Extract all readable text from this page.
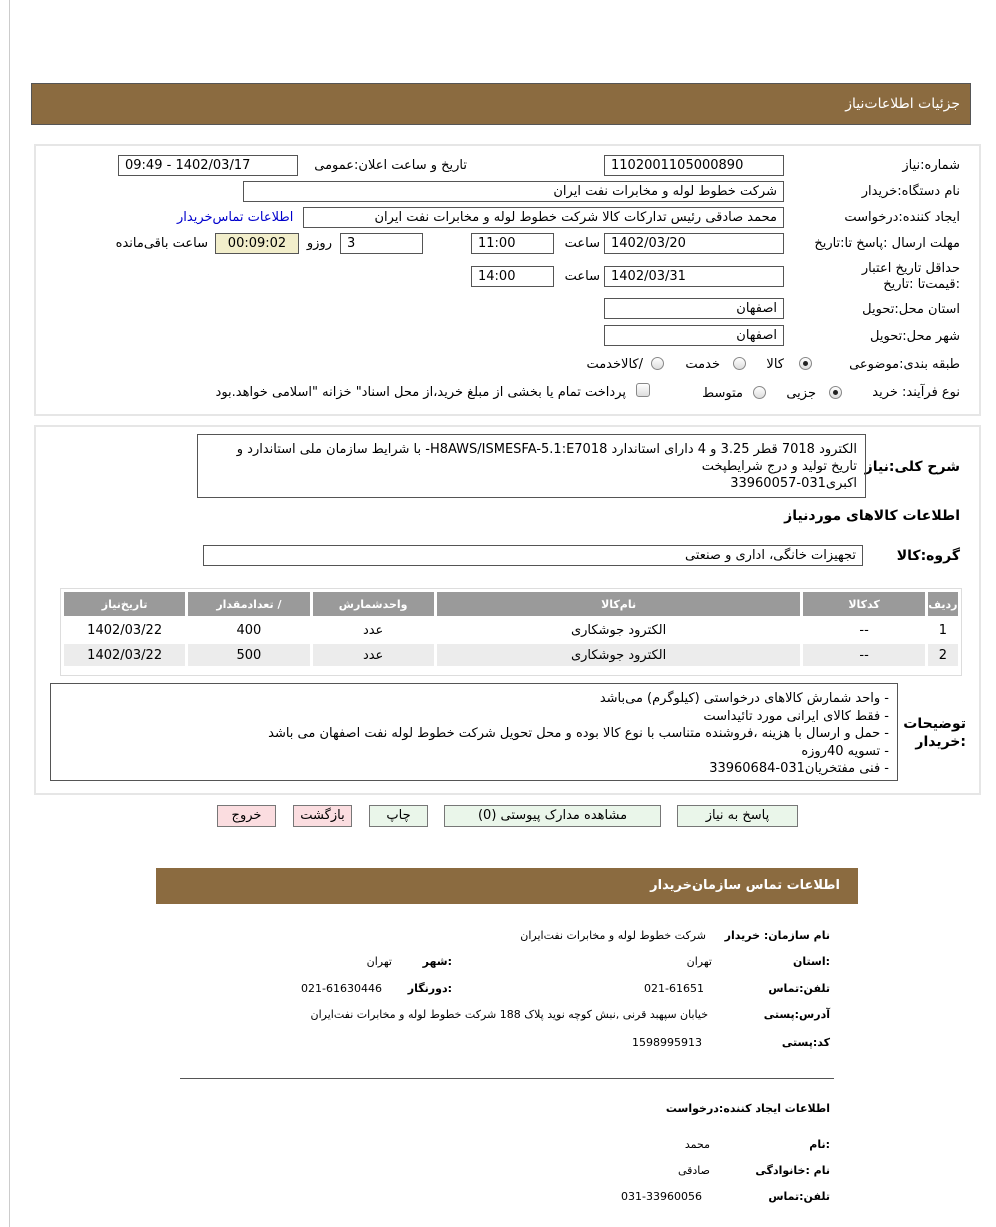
جزئیات اطلاعات‌نیاز
شماره:نیاز
1102001105000890
تاریخ و ساعت اعلان:عمومی
1402/03/17 - 09:49
نام دستگاه:خریدار
شرکت خطوط لوله و مخابرات نفت ایران
ایجاد کننده:درخواست
محمد صادقی رئیس تدارکات کالا شرکت خطوط لوله و مخابرات نفت ایران
اطلاعات تماس‌خریدار
مهلت ارسال :پاسخ تا:تاریخ
1402/03/20
ساعت
11:00
3
روزو
00:09:02
ساعت باقی‌مانده
حداقل تاریخ اعتبار :قیمت‌تا :تاریخ
1402/03/31
ساعت
14:00
استان محل:تحویل
اصفهان
شهر محل:تحویل
اصفهان
طبقه بندی:موضوعی
کالا
خدمت
/کالاخدمت
نوع فرآیند: خرید
جزیی
متوسط
پرداخت تمام یا بخشی از مبلغ خرید،از محل اسناد" خزانه "اسلامی خواهد.بود
شرح کلی:نیاز
الکترود 7018 قطر 3.25 و 4 دارای استاندارد H8AWS/ISMESFA-5.1:E7018- با شرایط سازمان ملی استاندارد و
تاریخ تولید و درج شرایطپخت
اکبری031-33960057
اطلاعات کالاهای موردنیاز
گروه:کالا
تجهیزات خانگی، اداری و صنعتی
ردیف	کدکالا	نام‌کالا	واحدشمارش	/ تعدادمقدار	تاریخ‌نیاز
1	--	الکترود جوشکاری	عدد	400	1402/03/22
2	--	الکترود جوشکاری	عدد	500	1402/03/22
توضیحات :خریدار
- واحد شمارش کالاهای درخواستی (کیلوگرم) می‌باشد
- فقط کالای ایرانی مورد تائیداست
- حمل و ارسال با هزینه ،فروشنده متناسب با نوع کالا بوده و محل تحویل شرکت خطوط لوله نفت اصفهان می باشد
- تسویه 40روزه
- فنی مفتخریان031-33960684
پاسخ به نیاز
مشاهده مدارک پیوستی (0)
چاپ
بازگشت
خروج
اطلاعات تماس سازمان‌خریدار
نام سازمان: خریدار
شرکت خطوط لوله و مخابرات نفت‌ایران
:استان
تهران
:شهر
تهران
تلفن:تماس
021-61651
:دورنگار
021-61630446
آدرس:پستی
خیابان سپهبد قرنی ,نبش کوچه نوید پلاک 188 شرکت خطوط لوله و مخابرات نفت‌ایران
کد:پستی
1598995913
اطلاعات ایجاد کننده:درخواست
:نام
محمد
نام :خانوادگی
صادقی
تلفن:تماس
031-33960056
